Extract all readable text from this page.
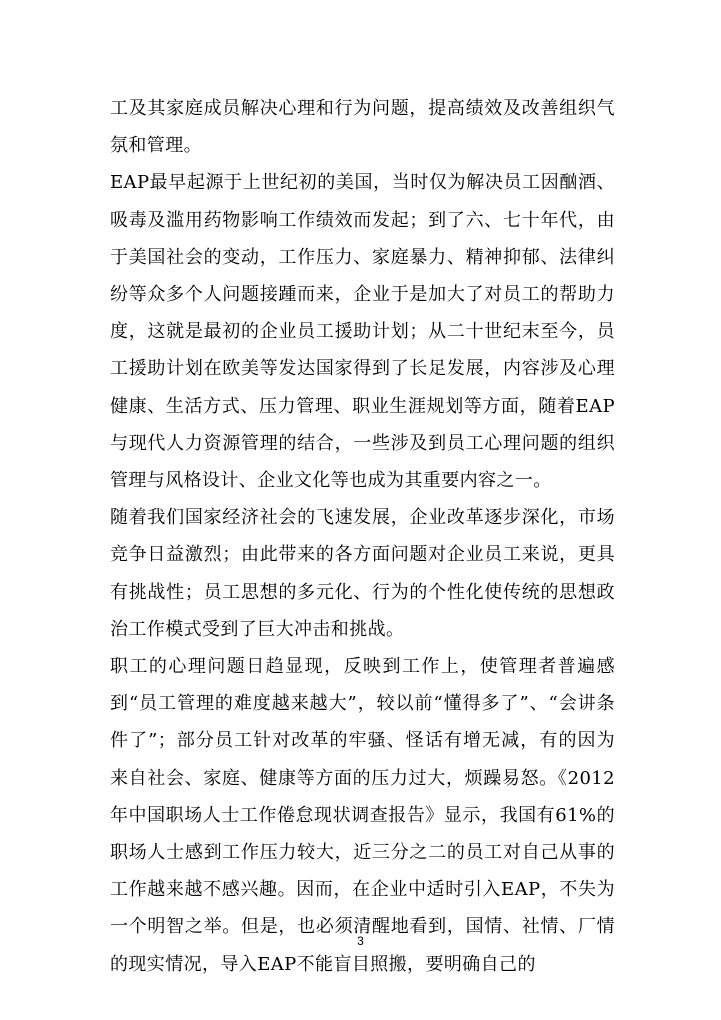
工及其家庭成员解决心理和行为问题，提高绩效及改善组织气氛和管理。

EAP最早起源于上世纪初的美国，当时仅为解决员工因酗酒、吸毒及滥用药物影响工作绩效而发起；到了六、七十年代，由于美国社会的变动，工作压力、家庭暴力、精神抑郁、法律纠纷等众多个人问题接踵而来，企业于是加大了对员工的帮助力度，这就是最初的企业员工援助计划；从二十世纪末至今，员工援助计划在欧美等发达国家得到了长足发展，内容涉及心理健康、生活方式、压力管理、职业生涯规划等方面，随着EAP与现代人力资源管理的结合，一些涉及到员工心理问题的组织管理与风格设计、企业文化等也成为其重要内容之一。

随着我们国家经济社会的飞速发展，企业改革逐步深化，市场竞争日益激烈；由此带来的各方面问题对企业员工来说，更具有挑战性；员工思想的多元化、行为的个性化使传统的思想政治工作模式受到了巨大冲击和挑战。

职工的心理问题日趋显现，反映到工作上，使管理者普遍感到“员工管理的难度越来越大”，较以前“懂得多了”、“会讲条件了”；部分员工针对改革的牢骚、怪话有增无减，有的因为来自社会、家庭、健康等方面的压力过大，烦躁易怒。《2012年中国职场人士工作倦怠现状调查报告》显示，我国有61%的职场人士感到工作压力较大，近三分之二的员工对自己从事的工作越来越不感兴趣。因而，在企业中适时引入EAP，不失为一个明智之举。但是，也必须清醒地看到，国情、社情、厂情的现实情况，导入EAP不能盲目照搬，要明确自己的

3
